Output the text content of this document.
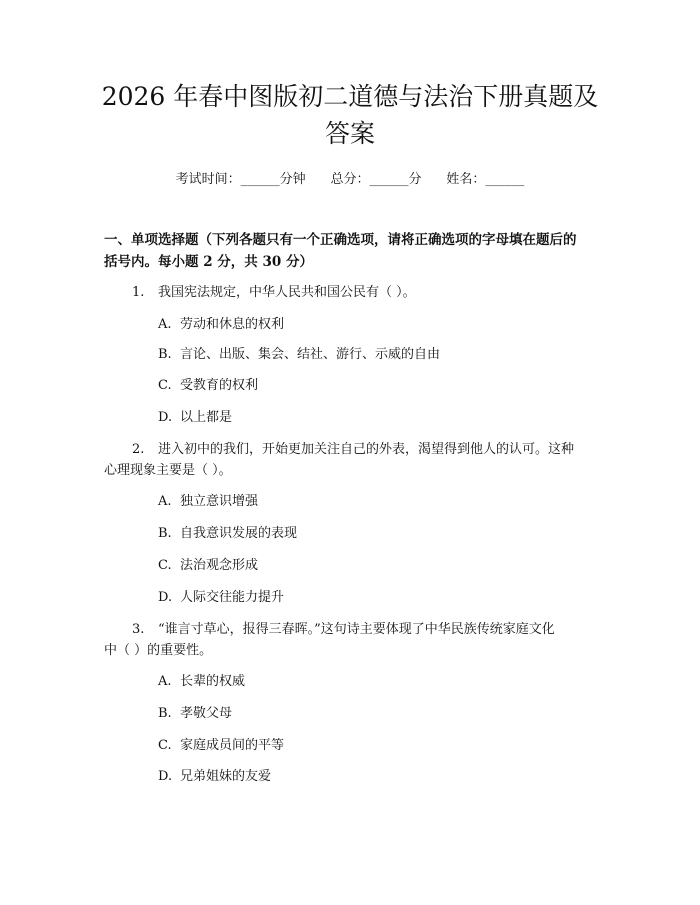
2026 年春中图版初二道德与法治下册真题及
答案
考试时间：______分钟 总分：______分 姓名：______
一、单项选择题（下列各题只有一个正确选项，请将正确选项的字母填在题后的
括号内。每小题 2 分，共 30 分）
1. 我国宪法规定，中华人民共和国公民有（ ）。
A. 劳动和休息的权利
B. 言论、出版、集会、结社、游行、示威的自由
C. 受教育的权利
D. 以上都是
2. 进入初中的我们，开始更加关注自己的外表，渴望得到他人的认可。这种
心理现象主要是（ ）。
A. 独立意识增强
B. 自我意识发展的表现
C. 法治观念形成
D. 人际交往能力提升
3. “谁言寸草心，报得三春晖。”这句诗主要体现了中华民族传统家庭文化
中（ ）的重要性。
A. 长辈的权威
B. 孝敬父母
C. 家庭成员间的平等
D. 兄弟姐妹的友爱
